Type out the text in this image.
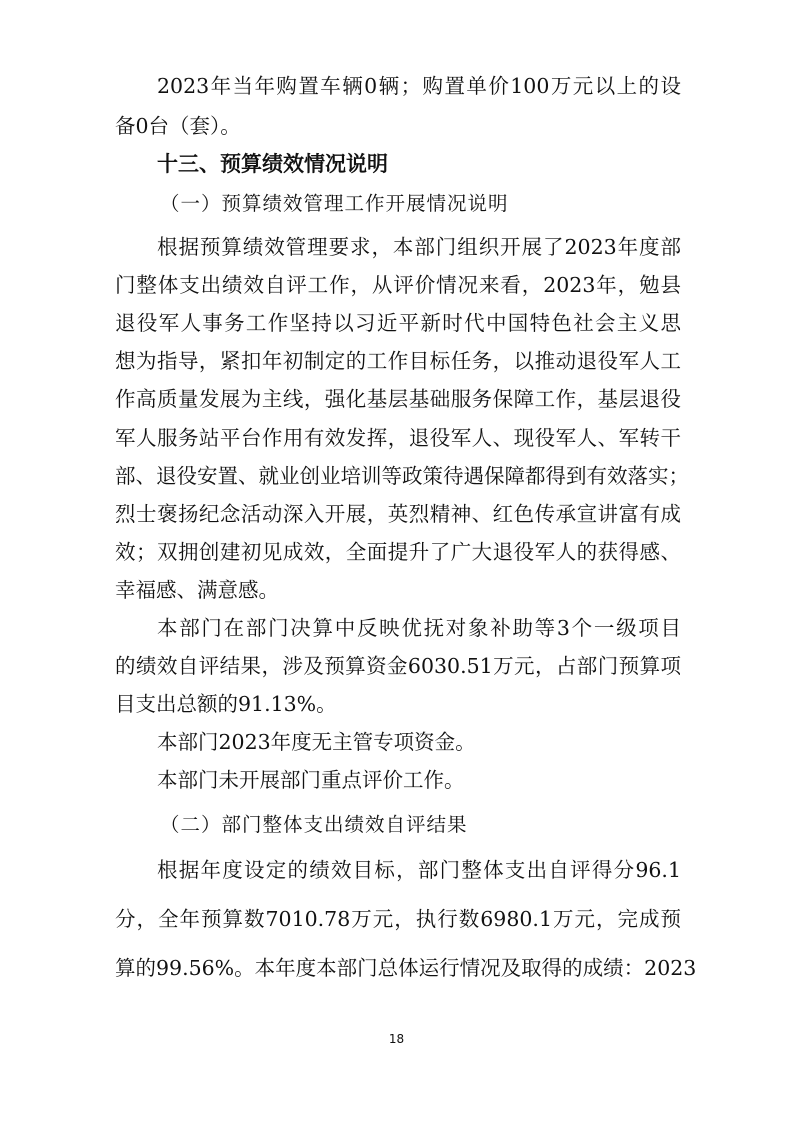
2023年当年购置车辆0辆；购置单价100万元以上的设
备0台（套）。
十三、预算绩效情况说明
（一）预算绩效管理工作开展情况说明
根据预算绩效管理要求，本部门组织开展了2023年度部
门整体支出绩效自评工作，从评价情况来看，2023年，勉县
退役军人事务工作坚持以习近平新时代中国特色社会主义思
想为指导，紧扣年初制定的工作目标任务，以推动退役军人工
作高质量发展为主线，强化基层基础服务保障工作，基层退役
军人服务站平台作用有效发挥，退役军人、现役军人、军转干
部、退役安置、就业创业培训等政策待遇保障都得到有效落实；
烈士褒扬纪念活动深入开展，英烈精神、红色传承宣讲富有成
效；双拥创建初见成效，全面提升了广大退役军人的获得感、
幸福感、满意感。
本部门在部门决算中反映优抚对象补助等3个一级项目
的绩效自评结果，涉及预算资金6030.51万元，占部门预算项
目支出总额的91.13%。
本部门2023年度无主管专项资金。
本部门未开展部门重点评价工作。
（二）部门整体支出绩效自评结果
根据年度设定的绩效目标，部门整体支出自评得分96.1
分，全年预算数7010.78万元，执行数6980.1万元，完成预
算的99.56%。本年度本部门总体运行情况及取得的成绩：2023
18
